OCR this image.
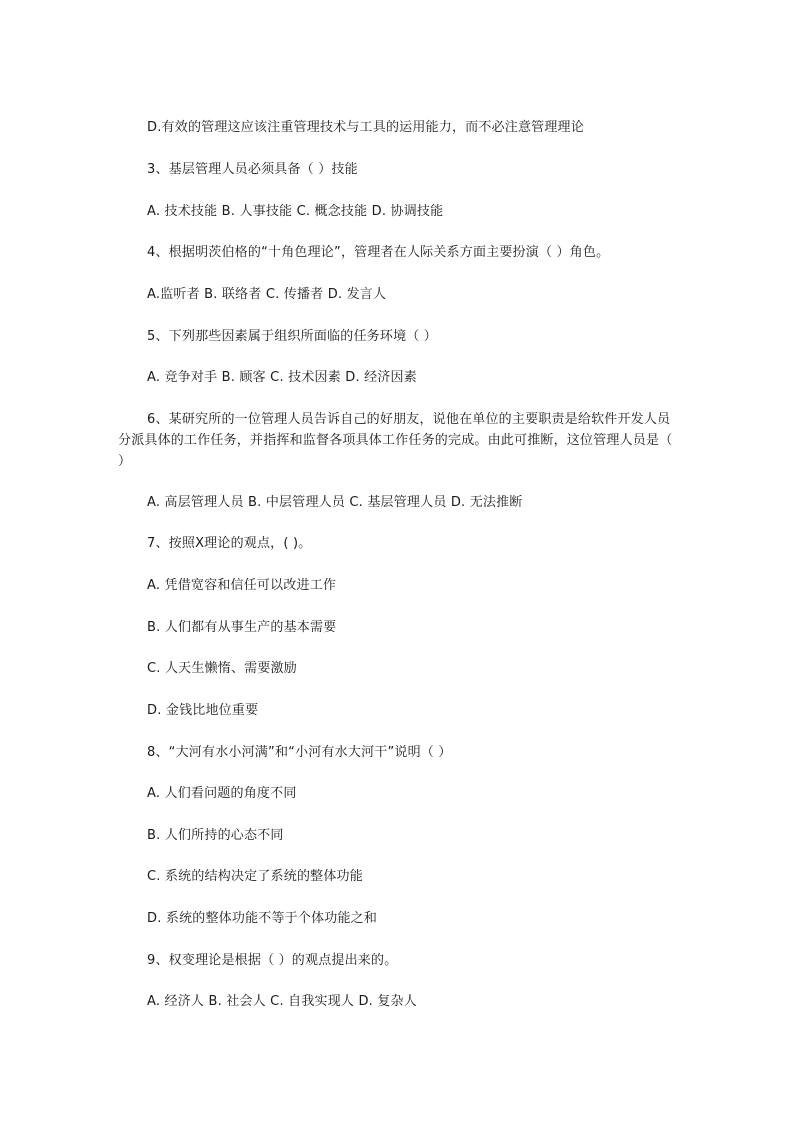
D.有效的管理这应该注重管理技术与工具的运用能力，而不必注意管理理论
3、基层管理人员必须具备（ ）技能
A. 技术技能 B. 人事技能 C. 概念技能 D. 协调技能
4、根据明茨伯格的“十角色理论”，管理者在人际关系方面主要扮演（ ）角色。
A.监听者 B. 联络者 C. 传播者 D. 发言人
5、下列那些因素属于组织所面临的任务环境（ ）
A. 竞争对手 B. 顾客 C. 技术因素 D. 经济因素
6、某研究所的一位管理人员告诉自己的好朋友，说他在单位的主要职责是给软件开发人员分派具体的工作任务，并指挥和监督各项具体工作任务的完成。由此可推断，这位管理人员是（ ）
A. 高层管理人员 B. 中层管理人员 C. 基层管理人员 D. 无法推断
7、按照X理论的观点，( )。
A. 凭借宽容和信任可以改进工作
B. 人们都有从事生产的基本需要
C. 人天生懒惰、需要激励
D. 金钱比地位重要
8、“大河有水小河满”和“小河有水大河干”说明（ ）
A. 人们看问题的角度不同
B. 人们所持的心态不同
C. 系统的结构决定了系统的整体功能
D. 系统的整体功能不等于个体功能之和
9、权变理论是根据（ ）的观点提出来的。
A. 经济人 B. 社会人 C. 自我实现人 D. 复杂人
